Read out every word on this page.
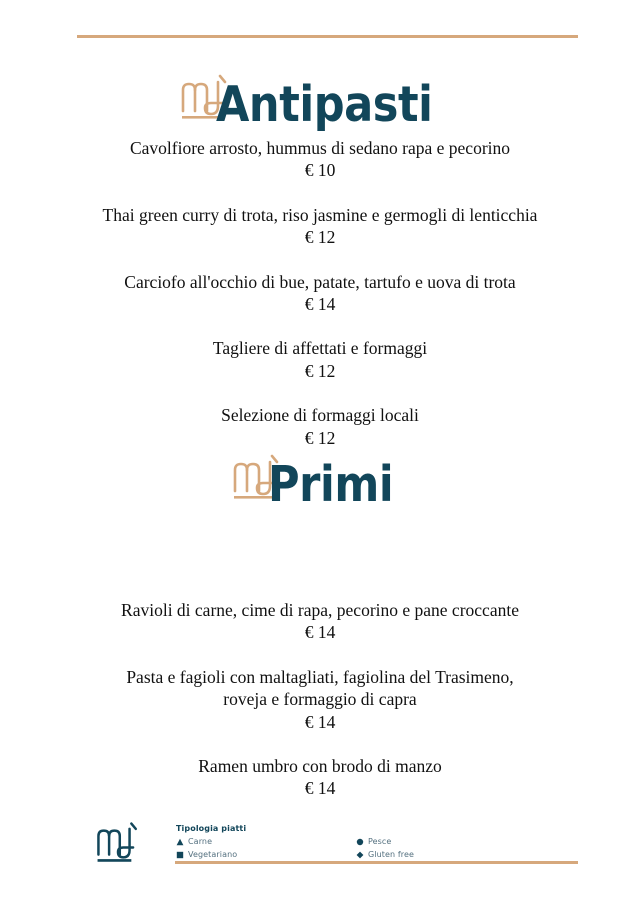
Antipasti
Cavolfiore arrosto, hummus di sedano rapa e pecorino
€ 10
Thai green curry di trota, riso jasmine e germogli di lenticchia
€ 12
Carciofo all'occhio di bue, patate, tartufo e uova di trota
€ 14
Tagliere di affettati e formaggi
€ 12
Selezione di formaggi locali
€ 12
Primi
Ravioli di carne, cime di rapa, pecorino e pane croccante
€ 14
Pasta e fagioli con maltagliati, fagiolina del Trasimeno,
roveja e formaggio di capra
€ 14
Ramen umbro con brodo di manzo
€ 14
Tipologia piatti
Carne
Vegetariano
Pesce
Gluten free
